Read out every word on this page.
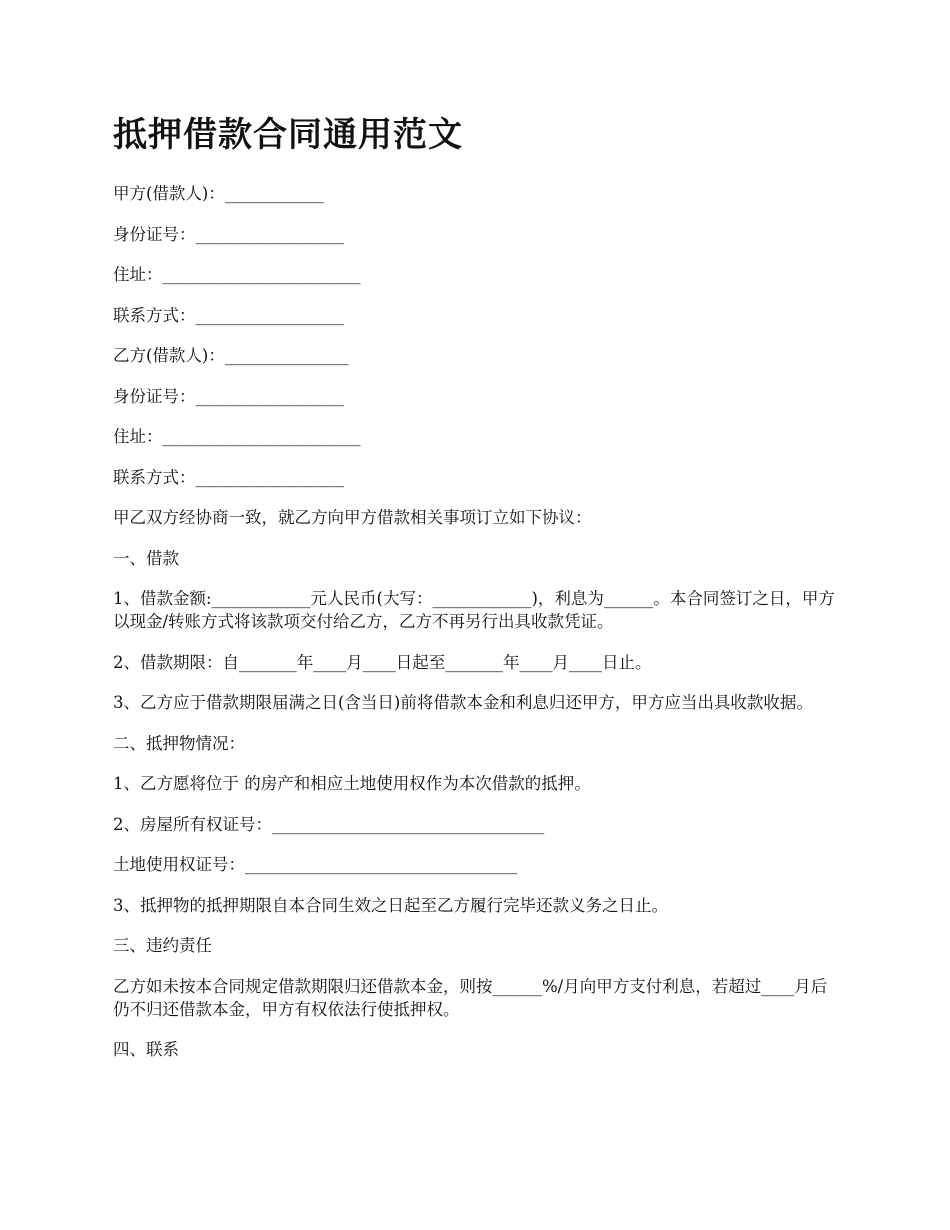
抵押借款合同通用范文

甲方(借款人)：____________

身份证号：__________________

住址：________________________

联系方式：__________________

乙方(借款人)：_______________

身份证号：__________________

住址：________________________

联系方式：__________________

甲乙双方经协商一致，就乙方向甲方借款相关事项订立如下协议：

一、借款

1、借款金额:____________元人民币(大写：____________)，利息为______。本合同签订之日，甲方以现金/转账方式将该款项交付给乙方，乙方不再另行出具收款凭证。

2、借款期限：自_______年____月____日起至_______年____月____日止。

3、乙方应于借款期限届满之日(含当日)前将借款本金和利息归还甲方，甲方应当出具收款收据。

二、抵押物情况：

1、乙方愿将位于 的房产和相应土地使用权作为本次借款的抵押。

2、房屋所有权证号：_________________________________

土地使用权证号：_________________________________

3、抵押物的抵押期限自本合同生效之日起至乙方履行完毕还款义务之日止。

三、违约责任

乙方如未按本合同规定借款期限归还借款本金，则按______%/月向甲方支付利息，若超过____月后仍不归还借款本金，甲方有权依法行使抵押权。

四、联系
